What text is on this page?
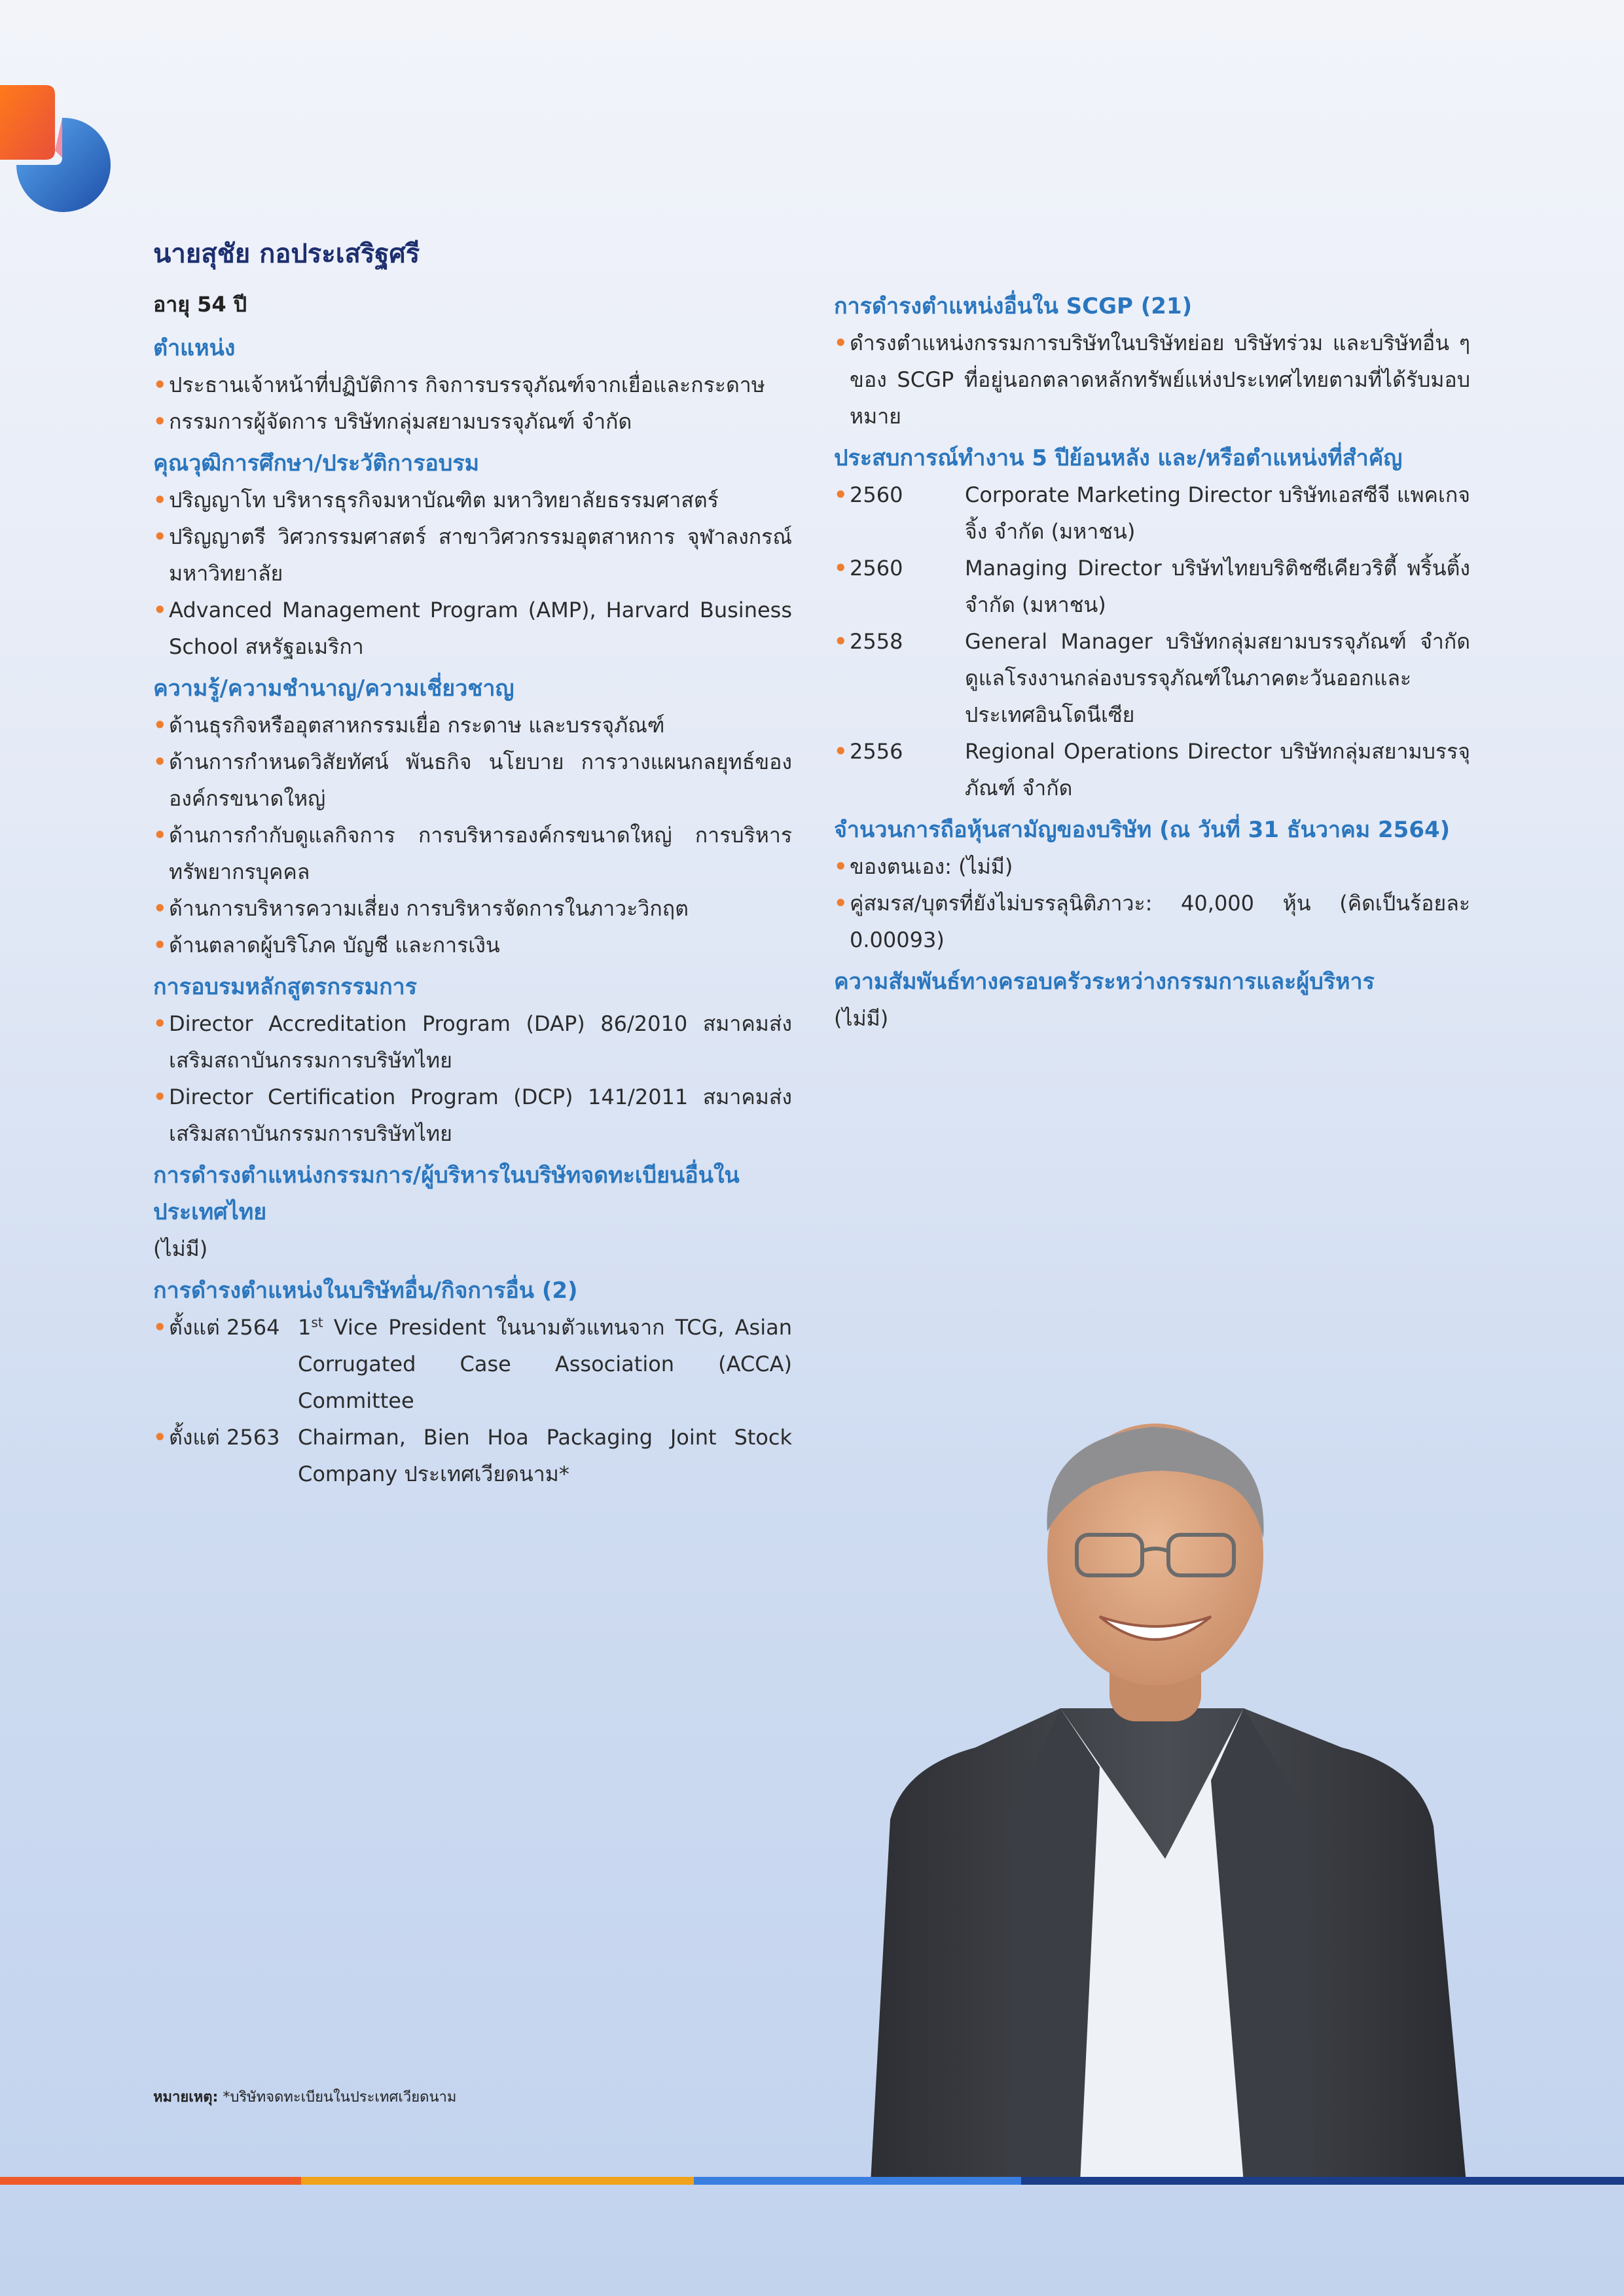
นายสุชัย กอประเสริฐศรี
อายุ 54 ปี
ตำแหน่ง
• ประธานเจ้าหน้าที่ปฏิบัติการ กิจการบรรจุภัณฑ์จากเยื่อและกระดาษ
• กรรมการผู้จัดการ บริษัทกลุ่มสยามบรรจุภัณฑ์ จำกัด
คุณวุฒิการศึกษา/ประวัติการอบรม
• ปริญญาโท บริหารธุรกิจมหาบัณฑิต มหาวิทยาลัยธรรมศาสตร์
• ปริญญาตรี วิศวกรรมศาสตร์ สาขาวิศวกรรมอุตสาหการ จุฬาลงกรณ์มหาวิทยาลัย
• Advanced Management Program (AMP), Harvard Business School สหรัฐอเมริกา
ความรู้/ความชำนาญ/ความเชี่ยวชาญ
• ด้านธุรกิจหรืออุตสาหกรรมเยื่อ กระดาษ และบรรจุภัณฑ์
• ด้านการกำหนดวิสัยทัศน์ พันธกิจ นโยบาย การวางแผนกลยุทธ์ขององค์กรขนาดใหญ่
• ด้านการกำกับดูแลกิจการ การบริหารองค์กรขนาดใหญ่ การบริหารทรัพยากรบุคคล
• ด้านการบริหารความเสี่ยง การบริหารจัดการในภาวะวิกฤต
• ด้านตลาดผู้บริโภค บัญชี และการเงิน
การอบรมหลักสูตรกรรมการ
• Director Accreditation Program (DAP) 86/2010 สมาคมส่งเสริมสถาบันกรรมการบริษัทไทย
• Director Certification Program (DCP) 141/2011 สมาคมส่งเสริมสถาบันกรรมการบริษัทไทย
การดำรงตำแหน่งกรรมการ/ผู้บริหารในบริษัทจดทะเบียนอื่นในประเทศไทย
(ไม่มี)
การดำรงตำแหน่งในบริษัทอื่น/กิจการอื่น (2)
• ตั้งแต่ 2564 1st Vice President ในนามตัวแทนจาก TCG, Asian Corrugated Case Association (ACCA) Committee
• ตั้งแต่ 2563 Chairman, Bien Hoa Packaging Joint Stock Company ประเทศเวียดนาม*
การดำรงตำแหน่งอื่นใน SCGP (21)
• ดำรงตำแหน่งกรรมการบริษัทในบริษัทย่อย บริษัทร่วม และบริษัทอื่น ๆ ของ SCGP ที่อยู่นอกตลาดหลักทรัพย์แห่งประเทศไทยตามที่ได้รับมอบหมาย
ประสบการณ์ทำงาน 5 ปีย้อนหลัง และ/หรือตำแหน่งที่สำคัญ
• 2560	Corporate Marketing Director บริษัทเอสซีจี แพคเกจจิ้ง จำกัด (มหาชน)
• 2560	Managing Director บริษัทไทยบริติชซีเคียวริตี้ พริ้นติ้ง จำกัด (มหาชน)
• 2558	General Manager บริษัทกลุ่มสยามบรรจุภัณฑ์ จำกัด ดูแลโรงงานกล่องบรรจุภัณฑ์ในภาคตะวันออกและประเทศอินโดนีเซีย
• 2556	Regional Operations Director บริษัทกลุ่มสยามบรรจุภัณฑ์ จำกัด
จำนวนการถือหุ้นสามัญของบริษัท (ณ วันที่ 31 ธันวาคม 2564)
• ของตนเอง: (ไม่มี)
• คู่สมรส/บุตรที่ยังไม่บรรลุนิติภาวะ: 40,000 หุ้น (คิดเป็นร้อยละ 0.00093)
ความสัมพันธ์ทางครอบครัวระหว่างกรรมการและผู้บริหาร
(ไม่มี)
หมายเหตุ: *บริษัทจดทะเบียนในประเทศเวียดนาม
